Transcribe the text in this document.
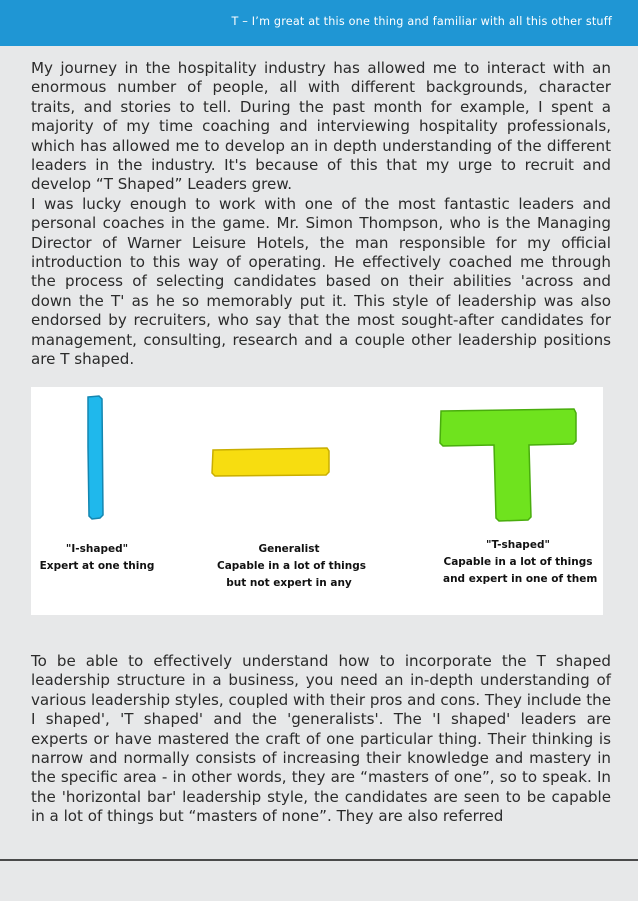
T – I’m great at this one thing and familiar with all this other stuff

My journey in the hospitality industry has allowed me to interact with an enormous number of people, all with different backgrounds, character traits, and stories to tell. During the past month for example, I spent a majority of my time coaching and interviewing hospitality professionals, which has allowed me to develop an in depth understanding of the different leaders in the industry. It's because of this that my urge to recruit and develop “T Shaped” Leaders grew.

I was lucky enough to work with one of the most fantastic leaders and personal coaches in the game. Mr. Simon Thompson, who is the Managing Director of Warner Leisure Hotels, the man responsible for my official introduction to this way of operating. He effectively coached me through the process of selecting candidates based on their abilities 'across and down the T' as he so memorably put it. This style of leadership was also endorsed by recruiters, who say that the most sought-after candidates for management, consulting, research and a couple other leadership positions are T shaped.

"I-shaped"
Expert at one thing
Generalist
Capable in a lot of things
but not expert in any
"T-shaped"
Capable in a lot of things
and expert in one of them

To be able to effectively understand how to incorporate the T shaped leadership structure in a business, you need an in-depth understanding of various leadership styles, coupled with their pros and cons. They include the I shaped', 'T shaped' and the 'generalists'. The 'I shaped' leaders are experts or have mastered the craft of one particular thing. Their thinking is narrow and normally consists of increasing their knowledge and mastery in the specific area - in other words, they are “masters of one”, so to speak. In the 'horizontal bar' leadership style, the candidates are seen to be capable in a lot of things but “masters of none”. They are also referred
